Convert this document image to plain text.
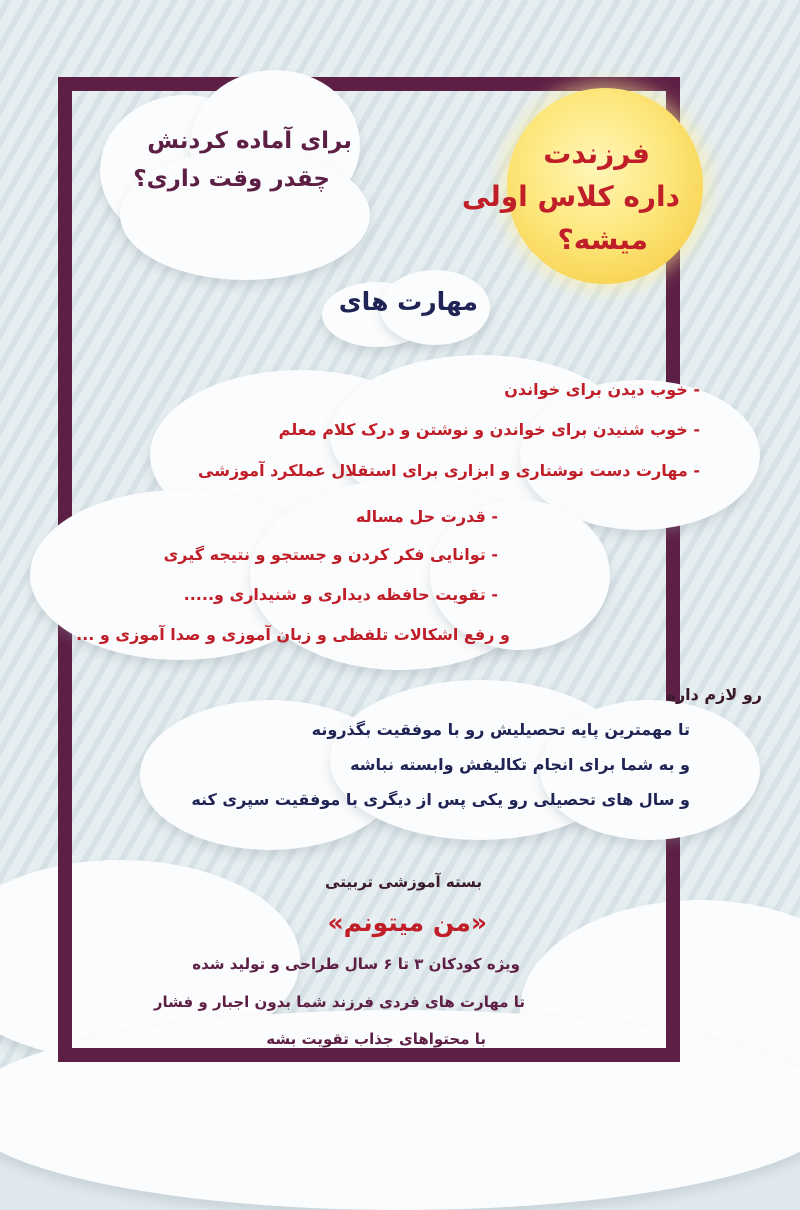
برای آماده کردنش
چقدر وقت داری؟
فرزندت
داره کلاس اولی
میشه؟
مهارت های
- خوب دیدن برای خواندن
- خوب شنیدن برای خواندن و نوشتن و درک کلام معلم
- مهارت دست نوشتاری و ابزاری برای استقلال عملکرد آموزشی
- قدرت حل مساله
- توانایی فکر کردن و جستجو و نتیجه گیری
- تقویت حافظه دیداری و شنیداری و.....
و رفع اشکالات تلفظی و زبان آموزی و صدا آموزی و ...
رو لازم داره
تا مهمترین پایه تحصیلیش رو با موفقیت بگذرونه
و به شما برای انجام تکالیفش وابسته نباشه
و سال های تحصیلی رو یکی پس از دیگری با موفقیت سپری کنه
بسته آموزشی تربیتی
«من میتونم»
ویژه کودکان ۳ تا ۶ سال طراحی و تولید شده
تا مهارت های فردی فرزند شما بدون اجبار و فشار
با محتواهای جذاب تقویت بشه
